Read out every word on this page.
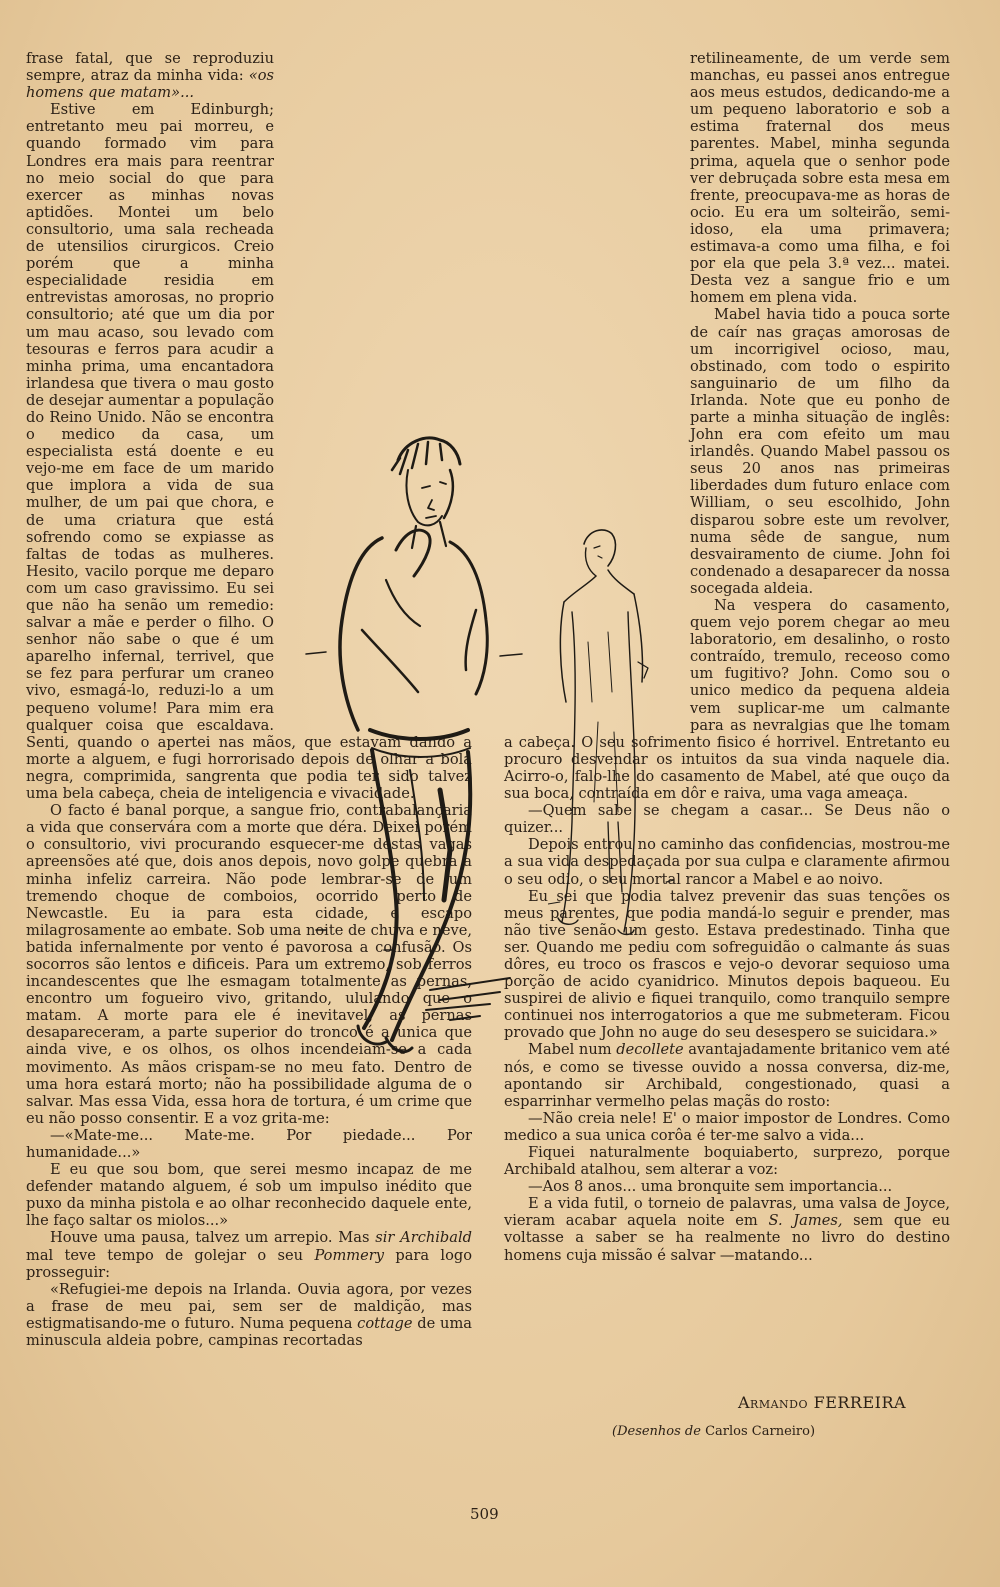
frase fatal, que se reproduziu sempre, atraz da minha vida: «os homens que matam»...

Estive em Edinburgh; entretanto meu pai morreu, e quando formado vim para Londres era mais para reentrar no meio social do que para exercer as minhas novas aptidões. Montei um belo consultorio, uma sala recheada de utensilios cirurgicos. Creio porém que a minha especialidade residia em entrevistas amorosas, no proprio consultorio; até que um dia por um mau acaso, sou levado com tesouras e ferros para acudir a minha prima, uma encantadora irlandesa que tivera o mau gosto de desejar aumentar a população do Reino Unido. Não se encontra o medico da casa, um especialista está doente e eu vejo-me em face de um marido que implora a vida de sua mulher, de um pai que chora, e de uma criatura que está sofrendo como se expiasse as faltas de todas as mulheres. Hesito, vacilo porque me deparo com um caso gravissimo. Eu sei que não ha senão um remedio: salvar a mãe e perder o filho. O senhor não sabe o que é um aparelho infernal, terrivel, que se fez para perfurar um craneo vivo, esmagá-lo, reduzi-lo a um pequeno volume! Para mim era qualquer coisa que escaldava. Senti, quando o apertei nas mãos, que estavam dando a morte a alguem, e fugi horrorisado depois de olhar a bola negra, comprimida, sangrenta que podia ter sido talvez uma bela cabeça, cheia de inteligencia e vivacidade.

O facto é banal porque, a sangue frio, contrabalançaria a vida que conservára com a morte que déra. Deixei porém o consultorio, vivi procurando esquecer-me destas vagas apreensões até que, dois anos depois, novo golpe quebra a minha infeliz carreira. Não pode lembrar-se de um tremendo choque de comboios, ocorrido perto de Newcastle. Eu ia para esta cidade, e escapo milagrosamente ao embate. Sob uma noite de chuva e neve, batida infernalmente por vento é pavorosa a confusão. Os socorros são lentos e dificeis. Para um extremo, sob ferros incandescentes que lhe esmagam totalmente as pernas, encontro um fogueiro vivo, gritando, ululando que o matam. A morte para ele é inevitavel; as pernas desapareceram, a parte superior do tronco é a unica que ainda vive, e os olhos, os olhos incendeiam-se a cada movimento. As mãos crispam-se no meu fato. Dentro de uma hora estará morto; não ha possibilidade alguma de o salvar. Mas essa Vida, essa hora de tortura, é um crime que eu não posso consentir. E a voz grita-me:

—«Mate-me... Mate-me. Por piedade... Por humanidade...»

E eu que sou bom, que serei mesmo incapaz de me defender matando alguem, é sob um impulso inédito que puxo da minha pistola e ao olhar reconhecido daquele ente, lhe faço saltar os miolos...»

Houve uma pausa, talvez um arrepio. Mas sir Archibald mal teve tempo de golejar o seu Pommery para logo prosseguir:

«Refugiei-me depois na Irlanda. Ouvia agora, por vezes a frase de meu pai, sem ser de maldição, mas estigmatisando-me o futuro. Numa pequena cottage de uma minuscula aldeia pobre, campinas recortadas

retilineamente, de um verde sem manchas, eu passei anos entregue aos meus estudos, dedicando-me a um pequeno laboratorio e sob a estima fraternal dos meus parentes. Mabel, minha segunda prima, aquela que o senhor pode ver debruçada sobre esta mesa em frente, preocupava-me as horas de ocio. Eu era um solteirão, semi-idoso, ela uma primavera; estimava-a como uma filha, e foi por ela que pela 3.ª vez... matei. Desta vez a sangue frio e um homem em plena vida.

Mabel havia tido a pouca sorte de caír nas graças amorosas de um incorrigivel ocioso, mau, obstinado, com todo o espirito sanguinario de um filho da Irlanda. Note que eu ponho de parte a minha situação de inglês: John era com efeito um mau irlandês. Quando Mabel passou os seus 20 anos nas primeiras liberdades dum futuro enlace com William, o seu escolhido, John disparou sobre este um revolver, numa sêde de sangue, num desvairamento de ciume. John foi condenado a desaparecer da nossa socegada aldeia.

Na vespera do casamento, quem vejo porem chegar ao meu laboratorio, em desalinho, o rosto contraído, tremulo, receoso como um fugitivo? John. Como sou o unico medico da pequena aldeia vem suplicar-me um calmante para as nevralgias que lhe tomam a cabeça. O seu sofrimento fisico é horrivel. Entretanto eu procuro desvendar os intuitos da sua vinda naquele dia. Acirro-o, falo-lhe do casamento de Mabel, até que ouço da sua boca, contraída em dôr e raiva, uma vaga ameaça.

—Quem sabe se chegam a casar... Se Deus não o quizer...

Depois entrou no caminho das confidencias, mostrou-me a sua vida despedaçada por sua culpa e claramente afirmou o seu odio, o seu mortal rancor a Mabel e ao noivo.

Eu sei que podia talvez prevenir das suas tenções os meus parentes, que podia mandá-lo seguir e prender, mas não tive senão um gesto. Estava predestinado. Tinha que ser. Quando me pediu com sofreguidão o calmante ás suas dôres, eu troco os frascos e vejo-o devorar sequioso uma porção de acido cyanidrico. Minutos depois baqueou. Eu suspirei de alivio e fiquei tranquilo, como tranquilo sempre continuei nos interrogatorios a que me submeteram. Ficou provado que John no auge do seu desespero se suicidara.»

Mabel num decollete avantajadamente britanico vem até nós, e como se tivesse ouvido a nossa conversa, diz-me, apontando sir Archibald, congestionado, quasi a esparrinhar vermelho pelas maçãs do rosto:

—Não creia nele! E' o maior impostor de Londres. Como medico a sua unica corôa é ter-me salvo a vida...

Fiquei naturalmente boquiaberto, surprezo, porque Archibald atalhou, sem alterar a voz:

—Aos 8 anos... uma bronquite sem importancia...

E a vida futil, o torneio de palavras, uma valsa de Joyce, vieram acabar aquela noite em S. James, sem que eu voltasse a saber se ha realmente no livro do destino homens cuja missão é salvar —matando...

Armando FERREIRA
(Desenhos de Carlos Carneiro)
509
